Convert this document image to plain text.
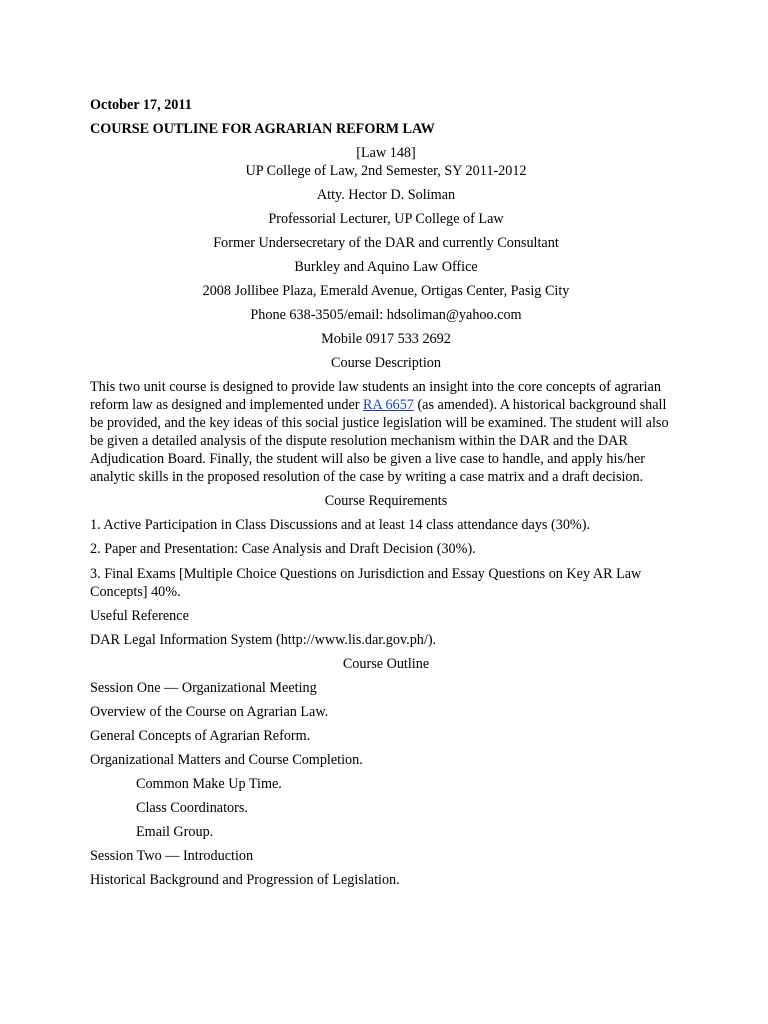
October 17, 2011
COURSE OUTLINE FOR AGRARIAN REFORM LAW
[Law 148]
UP College of Law, 2nd Semester, SY 2011-2012
Atty. Hector D. Soliman
Professorial Lecturer, UP College of Law
Former Undersecretary of the DAR and currently Consultant
Burkley and Aquino Law Office
2008 Jollibee Plaza, Emerald Avenue, Ortigas Center, Pasig City
Phone 638-3505/email: hdsoliman@yahoo.com
Mobile 0917 533 2692
Course Description
This two unit course is designed to provide law students an insight into the core concepts of agrarian reform law as designed and implemented under RA 6657 (as amended). A historical background shall be provided, and the key ideas of this social justice legislation will be examined. The student will also be given a detailed analysis of the dispute resolution mechanism within the DAR and the DAR Adjudication Board. Finally, the student will also be given a live case to handle, and apply his/her analytic skills in the proposed resolution of the case by writing a case matrix and a draft decision.
Course Requirements
1. Active Participation in Class Discussions and at least 14 class attendance days (30%).
2. Paper and Presentation: Case Analysis and Draft Decision (30%).
3. Final Exams [Multiple Choice Questions on Jurisdiction and Essay Questions on Key AR Law Concepts] 40%.
Useful Reference
DAR Legal Information System (http://www.lis.dar.gov.ph/).
Course Outline
Session One — Organizational Meeting
Overview of the Course on Agrarian Law.
General Concepts of Agrarian Reform.
Organizational Matters and Course Completion.
Common Make Up Time.
Class Coordinators.
Email Group.
Session Two — Introduction
Historical Background and Progression of Legislation.
